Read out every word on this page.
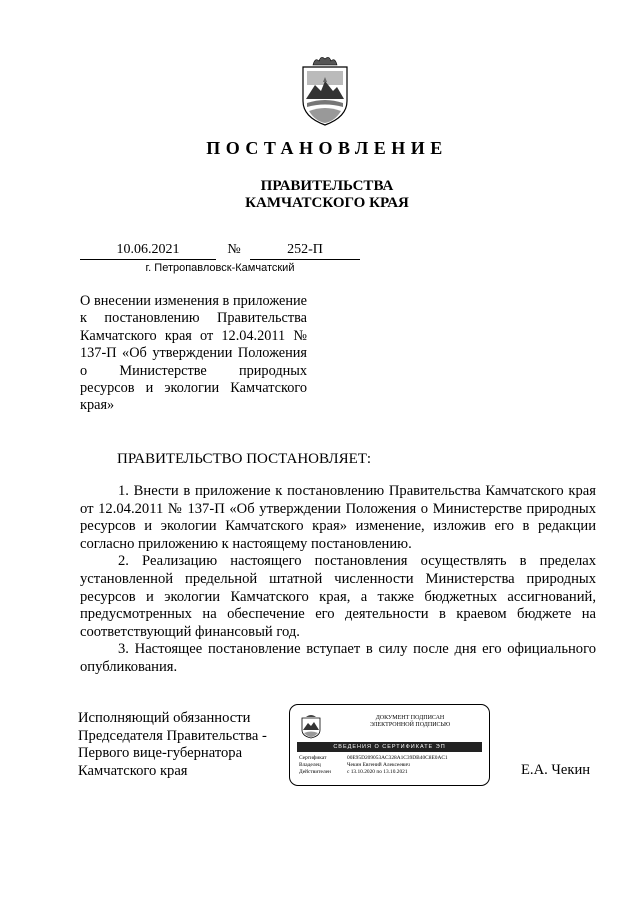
ПОСТАНОВЛЕНИЕ
ПРАВИТЕЛЬСТВА
КАМЧАТСКОГО КРАЯ
10.06.2021	№	252-П
г. Петропавловск-Камчатский
О внесении изменения в приложение к постановлению Правительства Камчатского края от 12.04.2011 № 137-П «Об утверждении Положения о Министерстве природных ресурсов и экологии Камчатского края»
ПРАВИТЕЛЬСТВО ПОСТАНОВЛЯЕТ:

1. Внести в приложение к постановлению Правительства Камчатского края от 12.04.2011 № 137-П «Об утверждении Положения о Министерстве природных ресурсов и экологии Камчатского края» изменение, изложив его в редакции согласно приложению к настоящему постановлению.

2. Реализацию настоящего постановления осуществлять в пределах установленной предельной штатной численности Министерства природных ресурсов и экологии Камчатского края, а также бюджетных ассигнований, предусмотренных на обеспечение его деятельности в краевом бюджете на соответствующий финансовый год.

3. Настоящее постановление вступает в силу после дня его официального опубликования.

Исполняющий обязанности
Председателя Правительства -
Первого вице-губернатора
Камчатского края
ДОКУМЕНТ ПОДПИСАН
ЭЛЕКТРОННОЙ ПОДПИСЬЮ
СВЕДЕНИЯ О СЕРТИФИКАТЕ ЭП
Сертификат	00E95D209053AC328A1C39DB40C8E0AC1
Владелец	Чекин Евгений Алексеевич
Действителен	с 13.10.2020 по 13.10.2021	Е.А. Чекин
